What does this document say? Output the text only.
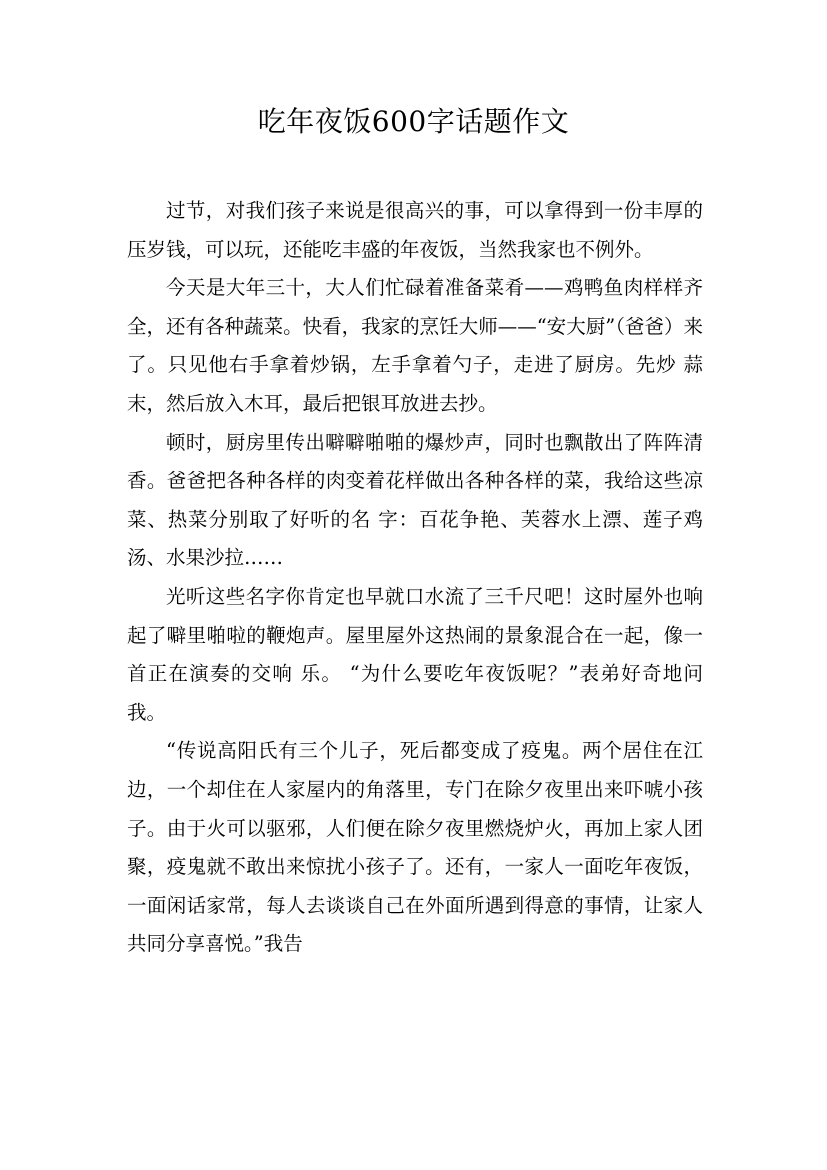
吃年夜饭600字话题作文

过节，对我们孩子来说是很高兴的事，可以拿得到一份丰厚的压岁钱，可以玩，还能吃丰盛的年夜饭，当然我家也不例外。

今天是大年三十，大人们忙碌着准备菜肴——鸡鸭鱼肉样样齐全，还有各种蔬菜。快看，我家的烹饪大师——“安大厨”（爸爸）来了。只见他右手拿着炒锅，左手拿着勺子，走进了厨房。先炒 蒜末，然后放入木耳，最后把银耳放进去抄。

顿时，厨房里传出噼噼啪啪的爆炒声，同时也飘散出了阵阵清香。爸爸把各种各样的肉变着花样做出各种各样的菜，我给这些凉菜、热菜分别取了好听的名 字：百花争艳、芙蓉水上漂、莲子鸡汤、水果沙拉……

光听这些名字你肯定也早就口水流了三千尺吧！这时屋外也响起了噼里啪啦的鞭炮声。屋里屋外这热闹的景象混合在一起，像一首正在演奏的交响 乐。 “为什么要吃年夜饭呢？”表弟好奇地问我。

“传说高阳氏有三个儿子，死后都变成了疫鬼。两个居住在江边，一个却住在人家屋内的角落里，专门在除夕夜里出来吓唬小孩子。由于火可以驱邪，人们便在除夕夜里燃烧炉火，再加上家人团 聚，疫鬼就不敢出来惊扰小孩子了。还有，一家人一面吃年夜饭，一面闲话家常，每人去谈谈自己在外面所遇到得意的事情，让家人共同分享喜悦。”我告
